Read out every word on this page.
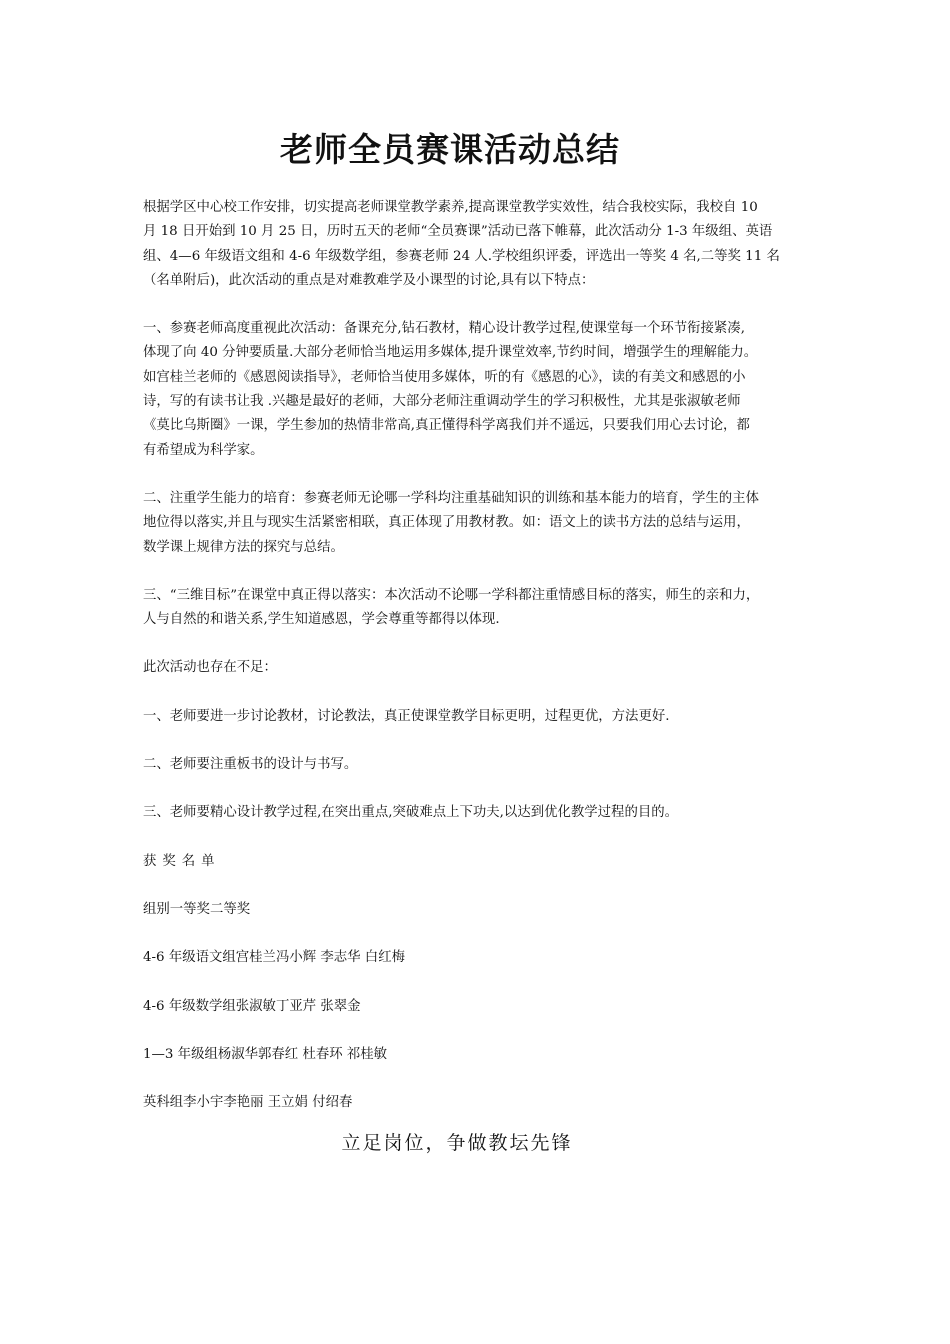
老师全员赛课活动总结

根据学区中心校工作安排，切实提高老师课堂教学素养,提高课堂教学实效性，结合我校实际，我校自 10
月 18 日开始到 10 月 25 日，历时五天的老师“全员赛课”活动已落下帷幕，此次活动分 1-3 年级组、英语
组、4—6 年级语文组和 4-6 年级数学组，参赛老师 24 人.学校组织评委，评选出一等奖 4 名,二等奖 11 名
（名单附后)，此次活动的重点是对难教难学及小课型的讨论,具有以下特点：

一、参赛老师高度重视此次活动：备课充分,钻石教材，精心设计教学过程,使课堂每一个环节衔接紧凑,
体现了向 40 分钟要质量.大部分老师恰当地运用多媒体,提升课堂效率,节约时间，增强学生的理解能力。
如宫桂兰老师的《感恩阅读指导》，老师恰当使用多媒体，听的有《感恩的心》，读的有美文和感恩的小
诗，写的有读书让我 .兴趣是最好的老师，大部分老师注重调动学生的学习积极性，尤其是张淑敏老师
《莫比乌斯圈》一课，学生参加的热情非常高,真正懂得科学离我们并不遥远，只要我们用心去讨论，都
有希望成为科学家。

二、注重学生能力的培育：参赛老师无论哪一学科均注重基础知识的训练和基本能力的培育，学生的主体
地位得以落实,并且与现实生活紧密相联，真正体现了用教材教。如：语文上的读书方法的总结与运用，
数学课上规律方法的探究与总结。

三、“三维目标”在课堂中真正得以落实：本次活动不论哪一学科都注重情感目标的落实，师生的亲和力，
人与自然的和谐关系,学生知道感恩，学会尊重等都得以体现.

此次活动也存在不足：

一、老师要进一步讨论教材，讨论教法，真正使课堂教学目标更明，过程更优，方法更好.

二、老师要注重板书的设计与书写。

三、老师要精心设计教学过程,在突出重点,突破难点上下功夫,以达到优化教学过程的目的。

获奖名单

组别一等奖二等奖

4-6 年级语文组宫桂兰冯小辉 李志华 白红梅

4-6 年级数学组张淑敏丁亚芹 张翠金

1—3 年级组杨淑华郭春红 杜春环 祁桂敏

英科组李小宇李艳丽 王立娟 付绍春

立足岗位，争做教坛先锋
